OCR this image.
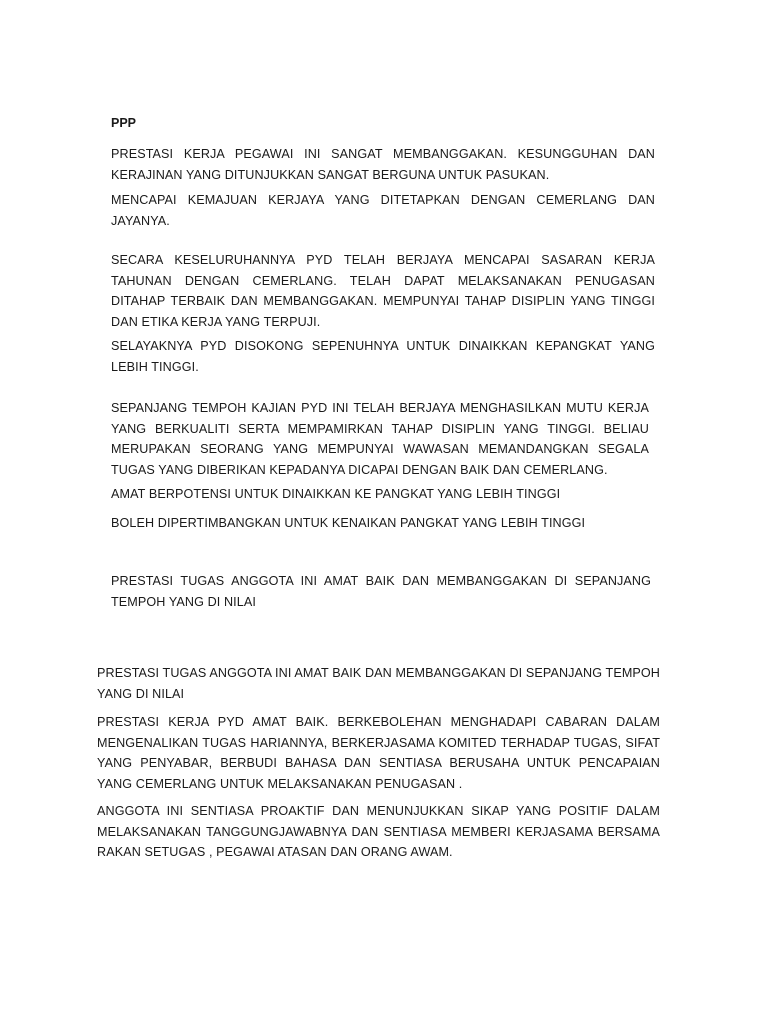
PPP

PRESTASI KERJA PEGAWAI INI SANGAT MEMBANGGAKAN. KESUNGGUHAN DAN KERAJINAN YANG DITUNJUKKAN SANGAT BERGUNA UNTUK PASUKAN.

MENCAPAI KEMAJUAN KERJAYA YANG DITETAPKAN DENGAN CEMERLANG DAN JAYANYA.

SECARA KESELURUHANNYA PYD TELAH BERJAYA MENCAPAI SASARAN KERJA TAHUNAN DENGAN CEMERLANG. TELAH DAPAT MELAKSANAKAN PENUGASAN DITAHAP TERBAIK DAN MEMBANGGAKAN. MEMPUNYAI TAHAP DISIPLIN YANG TINGGI DAN ETIKA KERJA YANG TERPUJI.

SELAYAKNYA PYD DISOKONG SEPENUHNYA UNTUK DINAIKKAN KEPANGKAT YANG LEBIH TINGGI.

SEPANJANG TEMPOH KAJIAN PYD INI TELAH BERJAYA MENGHASILKAN MUTU KERJA YANG BERKUALITI SERTA MEMPAMIRKAN TAHAP DISIPLIN YANG TINGGI. BELIAU MERUPAKAN SEORANG YANG MEMPUNYAI WAWASAN MEMANDANGKAN SEGALA TUGAS YANG DIBERIKAN KEPADANYA DICAPAI DENGAN BAIK DAN CEMERLANG.

AMAT BERPOTENSI UNTUK DINAIKKAN KE PANGKAT YANG LEBIH TINGGI

BOLEH DIPERTIMBANGKAN UNTUK KENAIKAN PANGKAT YANG LEBIH TINGGI

PRESTASI TUGAS ANGGOTA INI AMAT BAIK DAN MEMBANGGAKAN DI SEPANJANG TEMPOH YANG DI NILAI

PRESTASI TUGAS ANGGOTA INI AMAT BAIK DAN MEMBANGGAKAN DI SEPANJANG TEMPOH YANG DI NILAI

PRESTASI KERJA PYD AMAT BAIK. BERKEBOLEHAN MENGHADAPI CABARAN DALAM MENGENALIKAN TUGAS HARIANNYA, BERKERJASAMA KOMITED TERHADAP TUGAS, SIFAT YANG PENYABAR, BERBUDI BAHASA DAN SENTIASA BERUSAHA UNTUK PENCAPAIAN YANG CEMERLANG UNTUK MELAKSANAKAN PENUGASAN .

ANGGOTA INI SENTIASA PROAKTIF DAN MENUNJUKKAN SIKAP YANG POSITIF DALAM MELAKSANAKAN TANGGUNGJAWABNYA DAN SENTIASA MEMBERI KERJASAMA BERSAMA RAKAN SETUGAS , PEGAWAI ATASAN DAN ORANG AWAM.
